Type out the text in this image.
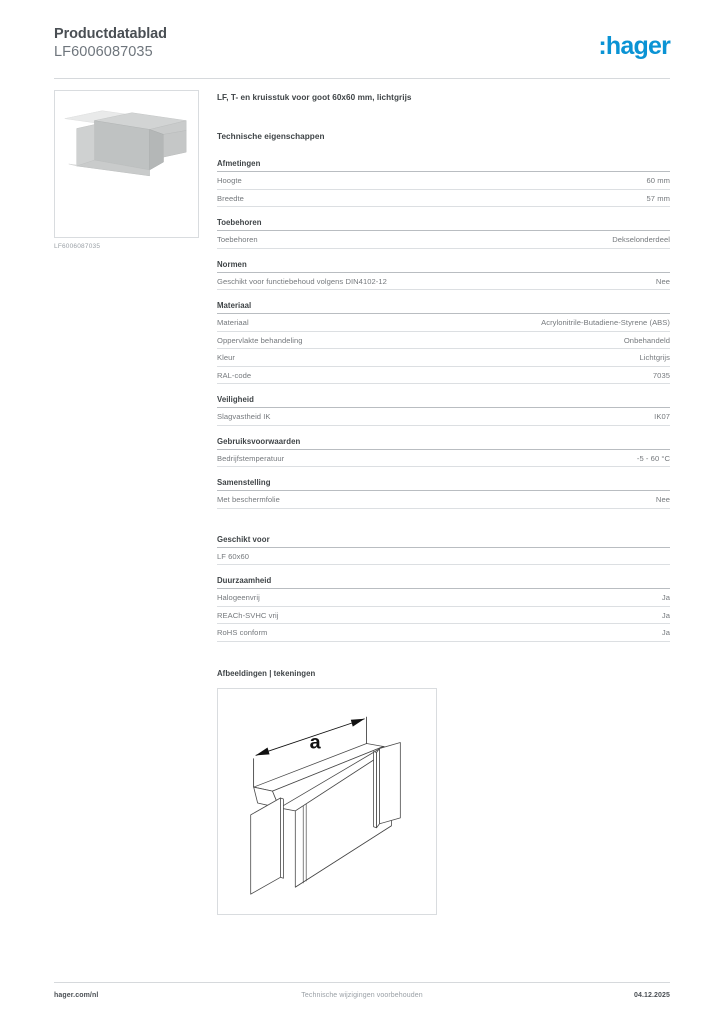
Productdatablad
LF6006087035	:hager
LF6006087035
LF, T- en kruisstuk voor goot 60x60 mm, lichtgrijs
Technische eigenschappen
Afmetingen
Hoogte	60 mm
Breedte	57 mm
Toebehoren
Toebehoren	Dekselonderdeel
Normen
Geschikt voor functiebehoud volgens DIN4102-12	Nee
Materiaal
Materiaal	Acrylonitrile-Butadiene-Styrene (ABS)
Oppervlakte behandeling	Onbehandeld
Kleur	Lichtgrijs
RAL-code	7035
Veiligheid
Slagvastheid IK	IK07
Gebruiksvoorwaarden
Bedrijfstemperatuur	-5 - 60 °C
Samenstelling
Met beschermfolie	Nee
Geschikt voor
LF 60x60
Duurzaamheid
Halogeenvrij	Ja
REACh-SVHC vrij	Ja
RoHS conform	Ja
Afbeeldingen | tekeningen
a
hager.com/nl	Technische wijzigingen voorbehouden	04.12.2025
